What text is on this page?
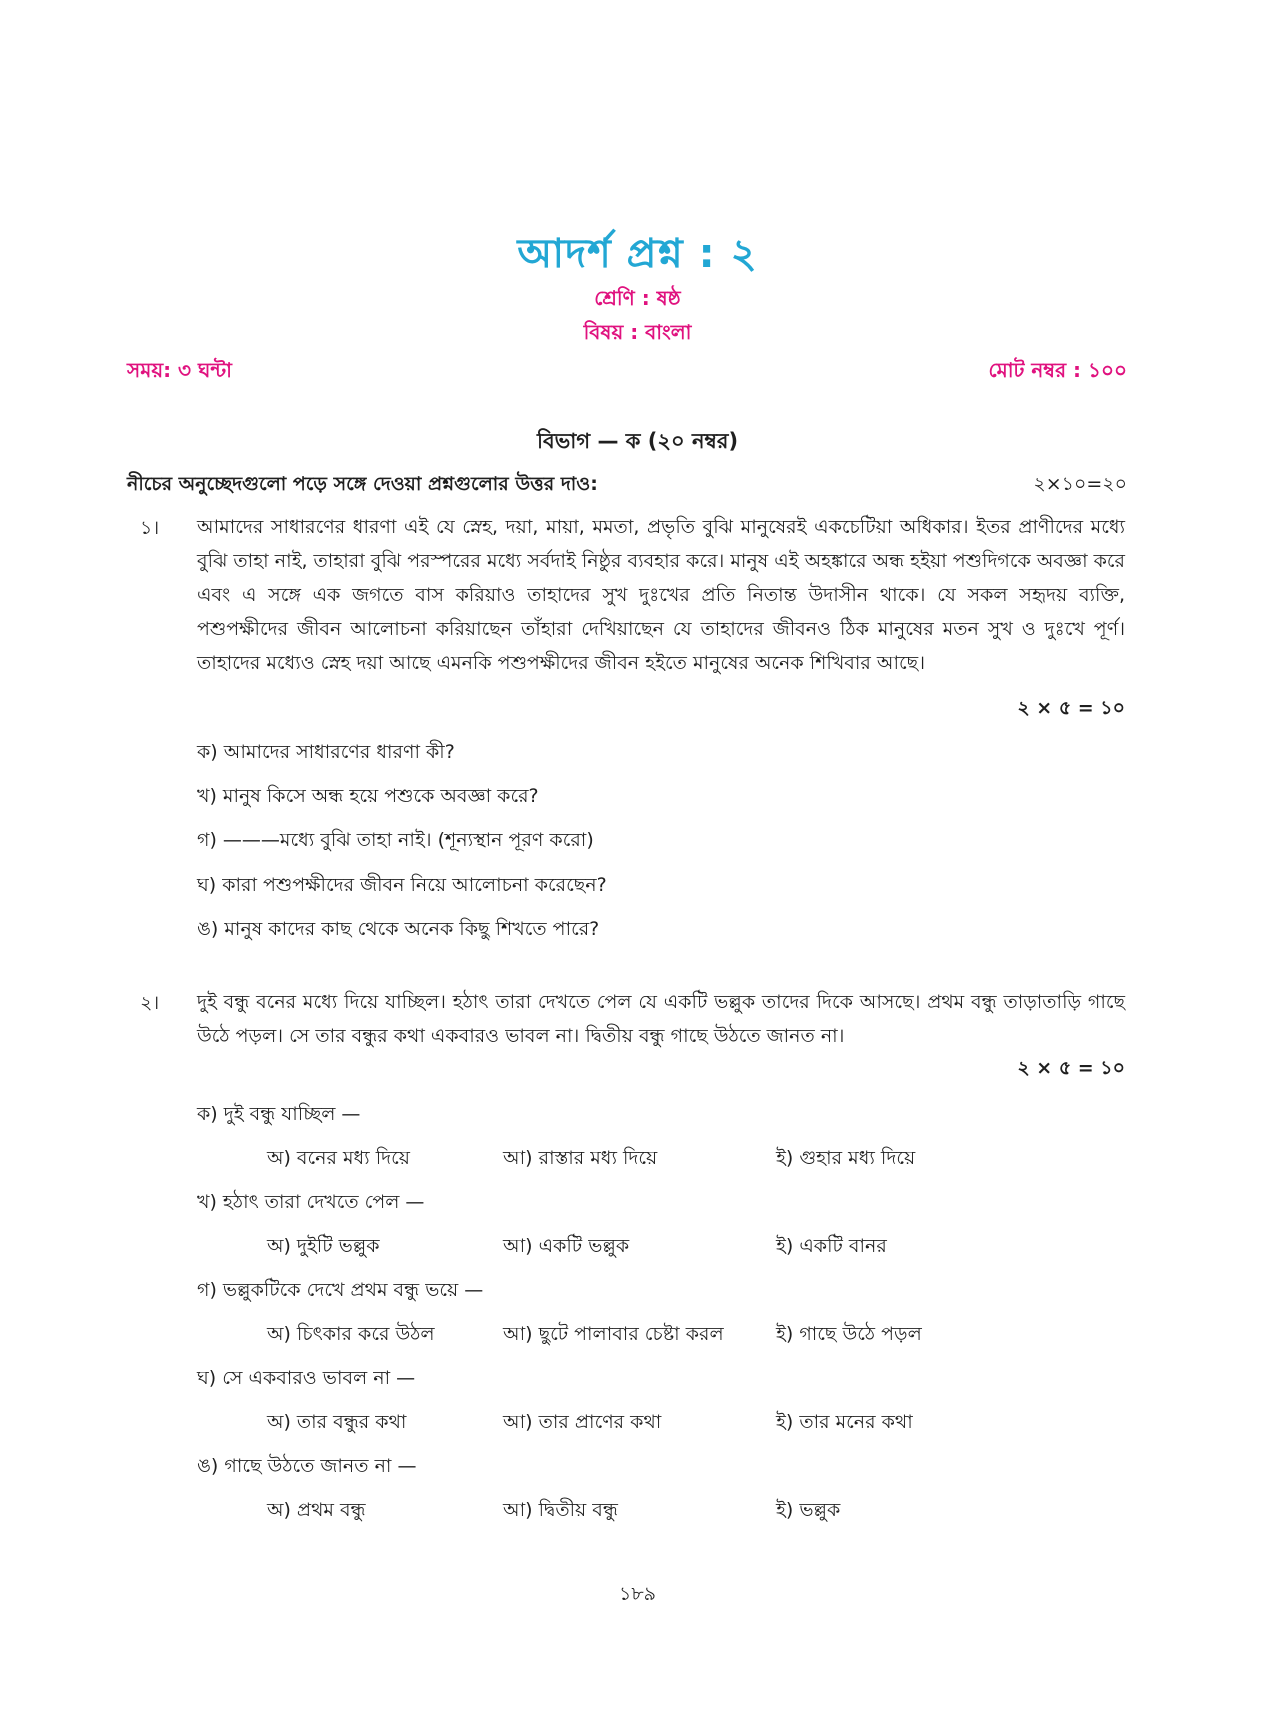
আদর্শ প্রশ্ন : ২
শ্রেণি : ষষ্ঠ
বিষয় : বাংলা
সময়: ৩ ঘন্টা	মোট নম্বর : ১০০
বিভাগ — ক (২০ নম্বর)
নীচের অনুচ্ছেদগুলো পড়ে সঙ্গে দেওয়া প্রশ্নগুলোর উত্তর দাও:	২×১০=২০
১। আমাদের সাধারণের ধারণা এই যে স্নেহ, দয়া, মায়া, মমতা, প্রভৃতি বুঝি মানুষেরই একচেটিয়া অধিকার। ইতর প্রাণীদের মধ্যে বুঝি তাহা নাই, তাহারা বুঝি পরস্পরের মধ্যে সর্বদাই নিষ্ঠুর ব্যবহার করে। মানুষ এই অহঙ্কারে অন্ধ হইয়া পশুদিগকে অবজ্ঞা করে এবং এ সঙ্গে এক জগতে বাস করিয়াও তাহাদের সুখ দুঃখের প্রতি নিতান্ত উদাসীন থাকে। যে সকল সহৃদয় ব্যক্তি, পশুপক্ষীদের জীবন আলোচনা করিয়াছেন তাঁহারা দেখিয়াছেন যে তাহাদের জীবনও ঠিক মানুষের মতন সুখ ও দুঃখে পূর্ণ। তাহাদের মধ্যেও স্নেহ দয়া আছে এমনকি পশুপক্ষীদের জীবন হইতে মানুষের অনেক শিখিবার আছে।
২ × ৫ = ১০
ক) আমাদের সাধারণের ধারণা কী?
খ) মানুষ কিসে অন্ধ হয়ে পশুকে অবজ্ঞা করে?
গ) ———মধ্যে বুঝি তাহা নাই। (শূন্যস্থান পূরণ করো)
ঘ) কারা পশুপক্ষীদের জীবন নিয়ে আলোচনা করেছেন?
ঙ) মানুষ কাদের কাছ থেকে অনেক কিছু শিখতে পারে?
২। দুই বন্ধু বনের মধ্যে দিয়ে যাচ্ছিল। হঠাৎ তারা দেখতে পেল যে একটি ভল্লুক তাদের দিকে আসছে। প্রথম বন্ধু তাড়াতাড়ি গাছে উঠে পড়ল। সে তার বন্ধুর কথা একবারও ভাবল না। দ্বিতীয় বন্ধু গাছে উঠতে জানত না।
২ × ৫ = ১০
ক) দুই বন্ধু যাচ্ছিল —
অ) বনের মধ্য দিয়ে	আ) রাস্তার মধ্য দিয়ে	ই) গুহার মধ্য দিয়ে
খ) হঠাৎ তারা দেখতে পেল —
অ) দুইটি ভল্লুক	আ) একটি ভল্লুক	ই) একটি বানর
গ) ভল্লুকটিকে দেখে প্রথম বন্ধু ভয়ে —
অ) চিৎকার করে উঠল	আ) ছুটে পালাবার চেষ্টা করল	ই) গাছে উঠে পড়ল
ঘ) সে একবারও ভাবল না —
অ) তার বন্ধুর কথা	আ) তার প্রাণের কথা	ই) তার মনের কথা
ঙ) গাছে উঠতে জানত না —
অ) প্রথম বন্ধু	আ) দ্বিতীয় বন্ধু	ই) ভল্লুক
১৮৯
